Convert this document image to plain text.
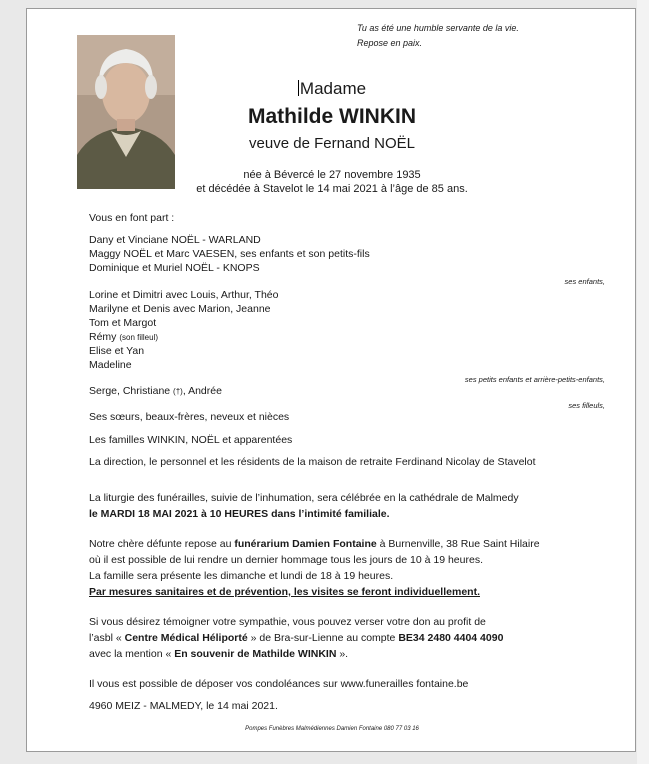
Tu as été une humble servante de la vie.
Repose en paix.
Madame
Mathilde WINKIN
veuve de Fernand NOËL
née à Bévercé le 27 novembre 1935
et décédée à Stavelot le 14 mai 2021 à l’âge de 85 ans.
Vous en font part :
Dany et Vinciane NOËL - WARLAND
Maggy NOËL et Marc VAESEN, ses enfants et son petits-fils
Dominique et Muriel NOËL - KNOPS
ses enfants,
Lorine et Dimitri avec Louis, Arthur, Théo
Marilyne et Denis avec Marion, Jeanne
Tom et Margot
Rémy (son filleul)
Elise et Yan
Madeline
ses petits enfants et arrière-petits-enfants,
Serge, Christiane (†), Andrée
ses filleuls,
Ses sœurs, beaux-frères, neveux et nièces
Les familles WINKIN, NOËL et apparentées
La direction, le personnel et les résidents de la maison de retraite Ferdinand Nicolay de Stavelot
La liturgie des funérailles, suivie de l’inhumation, sera célébrée en la cathédrale de Malmedy
le MARDI 18 MAI 2021 à 10 HEURES dans l’intimité familiale.
Notre chère défunte repose au funérarium Damien Fontaine à Burnenville, 38 Rue Saint Hilaire
où il est possible de lui rendre un dernier hommage tous les jours de 10 à 19 heures.
La famille sera présente les dimanche et lundi de 18 à 19 heures.
Par mesures sanitaires et de prévention, les visites se feront individuellement.
Si vous désirez témoigner votre sympathie, vous pouvez verser votre don au profit de
l’asbl « Centre Médical Héliporté » de Bra-sur-Lienne au compte BE34 2480 4404 4090
avec la mention « En souvenir de Mathilde WINKIN ».
Il vous est possible de déposer vos condoléances sur www.funerailles fontaine.be
4960 MEIZ - MALMEDY, le 14 mai 2021.
Pompes Funèbres Malmédiennes Damien Fontaine 080 77 03 16
